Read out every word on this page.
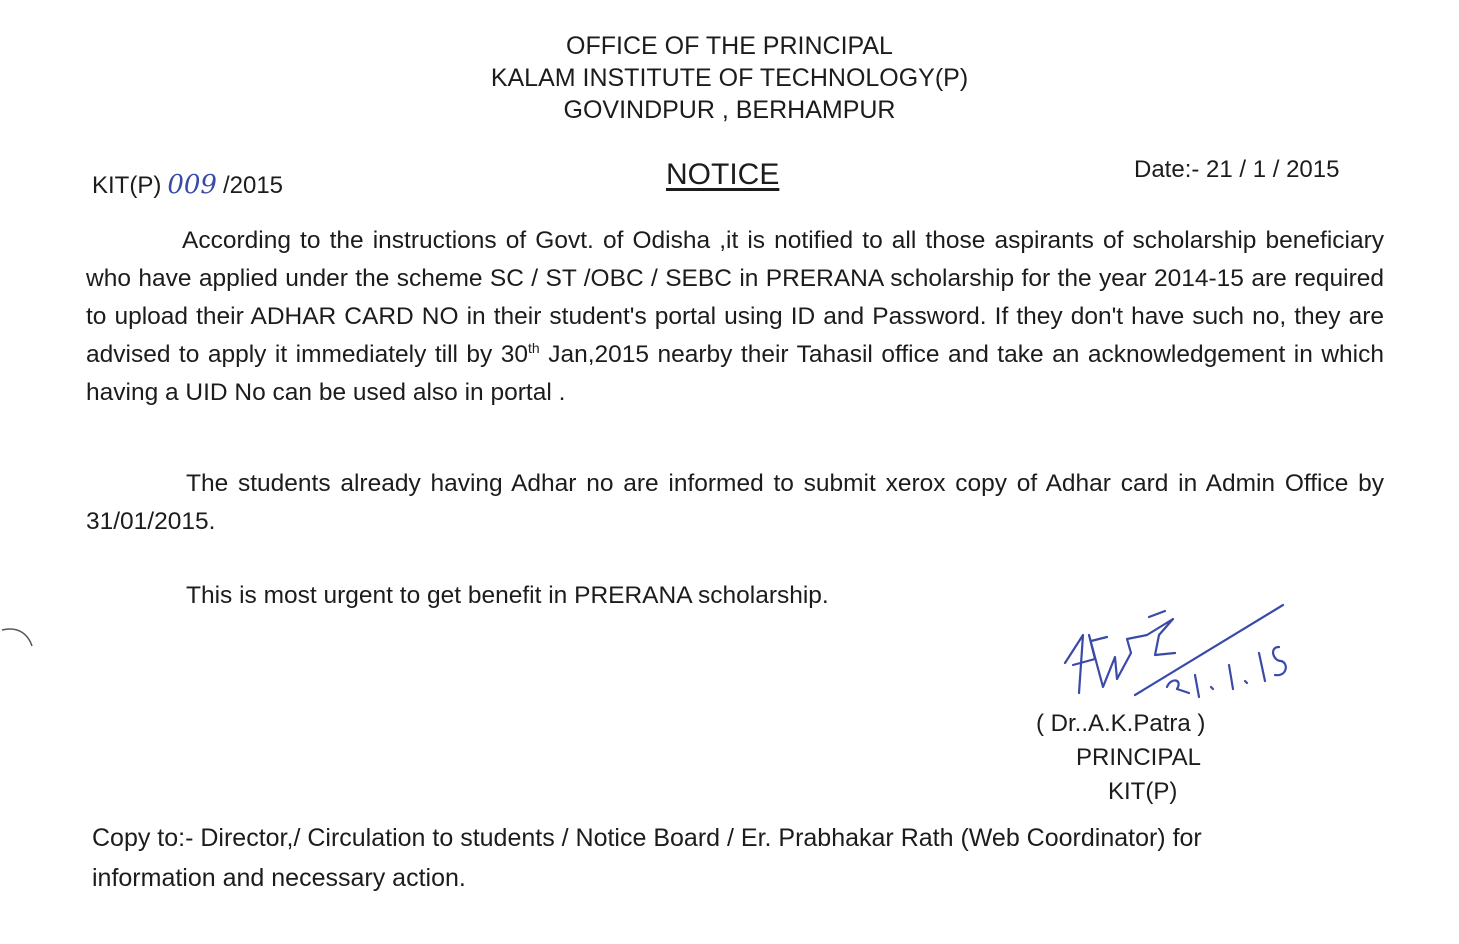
OFFICE OF THE PRINCIPAL
KALAM INSTITUTE OF TECHNOLOGY(P)
GOVINDPUR , BERHAMPUR
KIT(P) 009 /2015	NOTICE	Date:- 21 / 1 / 2015
According to the instructions of Govt. of Odisha ,it is notified to all those aspirants of scholarship beneficiary who have applied under the scheme SC / ST /OBC / SEBC in PRERANA scholarship for the year 2014-15 are required to upload their ADHAR CARD NO in their student's portal using ID and Password. If they don't have such no, they are advised to apply it immediately till by 30th Jan,2015 nearby their Tahasil office and take an acknowledgement in which having a UID No can be used also in portal .
The students already having Adhar no are informed to submit xerox copy of Adhar card in Admin Office by 31/01/2015.
This is most urgent to get benefit in PRERANA scholarship.
( Dr..A.K.Patra )
PRINCIPAL
KIT(P)
Copy to:- Director,/ Circulation to students / Notice Board / Er. Prabhakar Rath (Web Coordinator) for information and necessary action.
